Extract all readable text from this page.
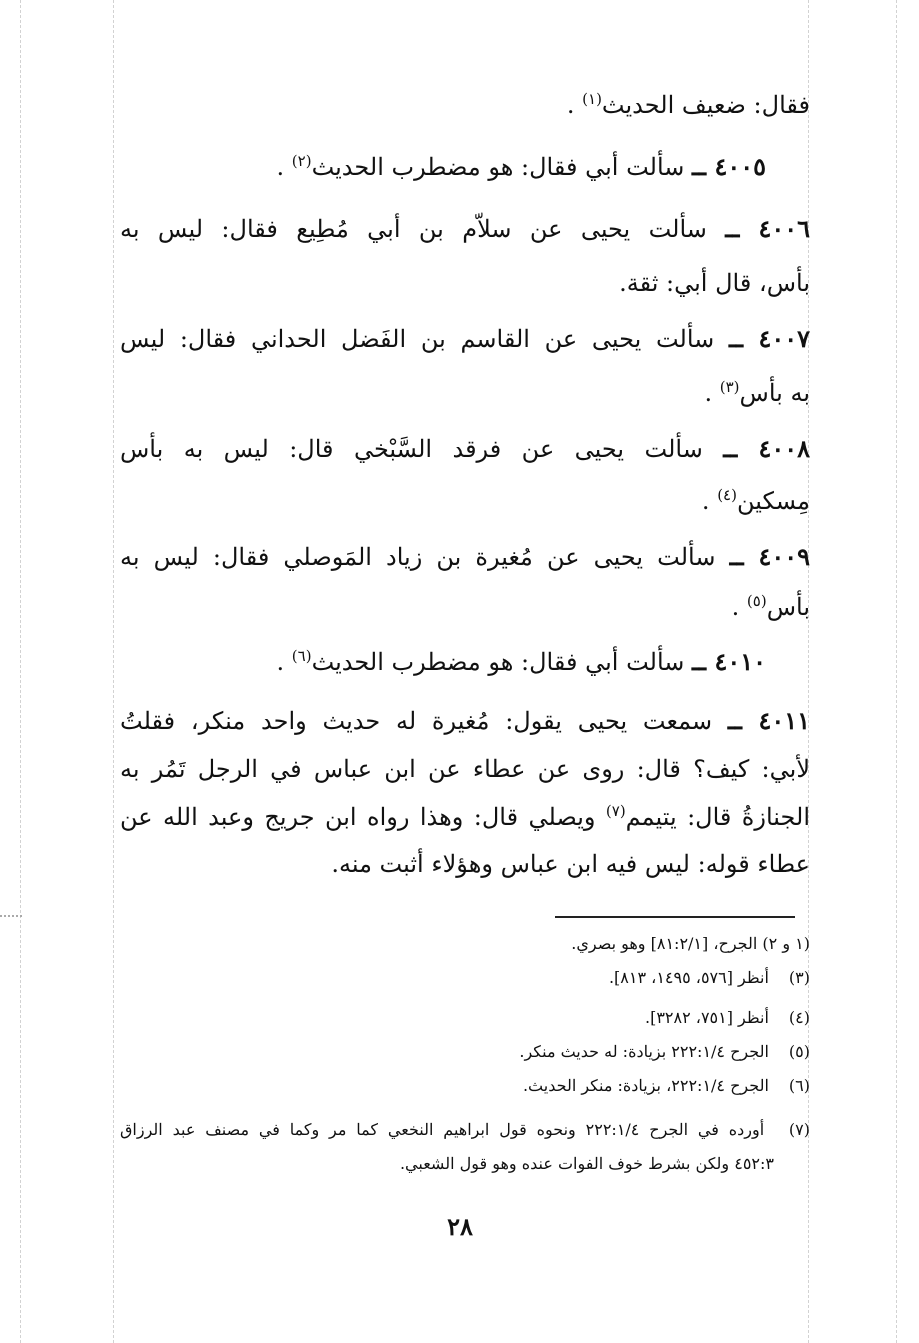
فقال: ضعيف الحديث$^{(١)}$ .
٤٠٠٥ ــ سألت أبي فقال: هو مضطرب الحديث$^{(٢)}$ .
٤٠٠٦ ــ سألت يحيى عن سلاّم بن أبي مُطِيع فقال: ليس به
بأس، قال أبي: ثقة.
٤٠٠٧ ــ سألت يحيى عن القاسم بن الفَضل الحداني فقال: ليس
به بأس$^{(٣)}$ .
٤٠٠٨ ــ سألت يحيى عن فرقد السَّبْخي قال: ليس به بأس
مِسكين$^{(٤)}$ .
٤٠٠٩ ــ سألت يحيى عن مُغيرة بن زياد المَوصلي فقال: ليس به
بأس$^{(٥)}$ .
٤٠١٠ ــ سألت أبي فقال: هو مضطرب الحديث$^{(٦)}$ .
٤٠١١ ــ سمعت يحيى يقول: مُغيرة له حديث واحد منكر، فقلتُ
لأبي: كيف؟ قال: روى عن عطاء عن ابن عباس في الرجل تَمُر به
الجنازةُ قال: يتيمم$^{(٧)}$ ويصلي قال: وهذا رواه ابن جريج وعبد الله عن
عطاء قوله: ليس فيه ابن عباس وهؤلاء أثبت منه.
(١ و ٢) الجرح، [٨١:٢/١] وهو بصري.
(٣) أنظر [٥٧٦، ١٤٩٥، ٨١٣].
(٤) أنظر [٧٥١، ٣٢٨٢].
(٥) الجرح ٢٢٢:١/٤ بزيادة: له حديث منكر.
(٦) الجرح ٢٢٢:١/٤، بزيادة: منكر الحديث.
(٧) أورده في الجرح ٢٢٢:١/٤ ونحوه قول ابراهيم النخعي كما مر وكما في مصنف عبد الرزاق
٤٥٢:٣ ولكن بشرط خوف الفوات عنده وهو قول الشعبي.
٢٨
